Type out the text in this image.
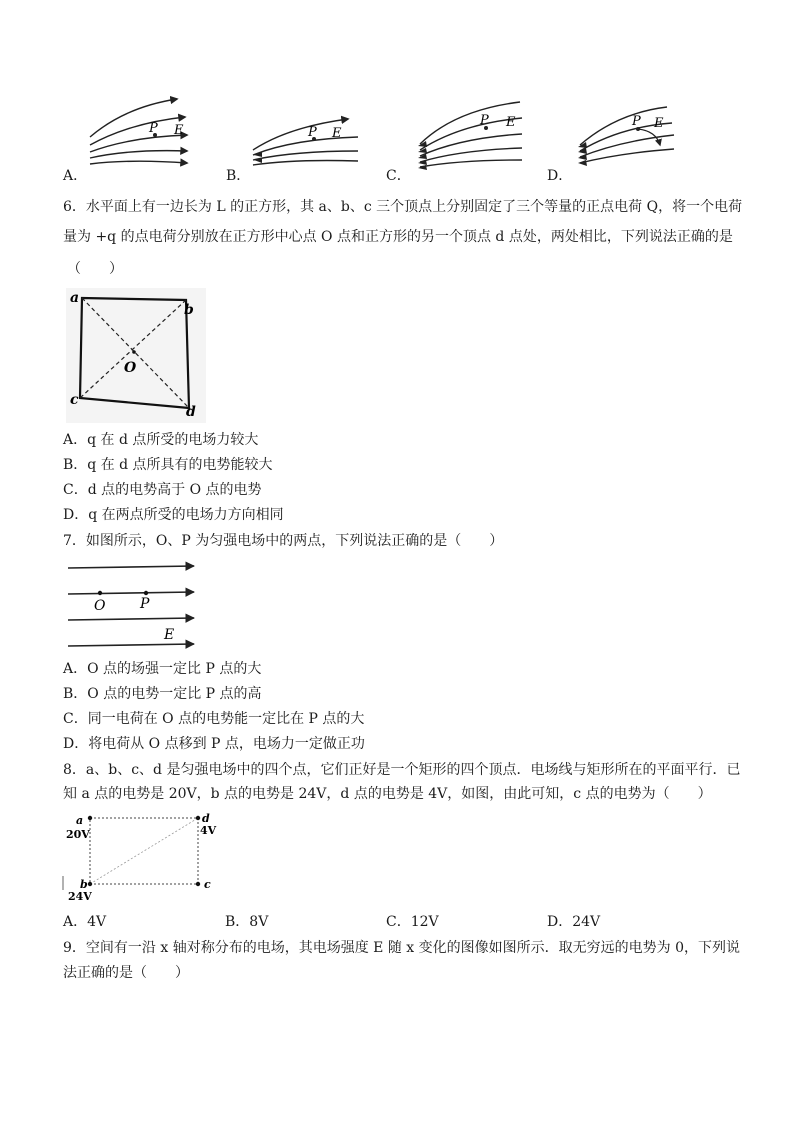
P E
A．
P E
B．
P E
C．
P E
D．
6．水平面上有一边长为 L 的正方形，其 a、b、c 三个顶点上分别固定了三个等量的正点电荷 Q，将一个电荷
量为 +q 的点电荷分别放在正方形中心点 O 点和正方形的另一个顶点 d 点处，两处相比，下列说法正确的是
（　　）
a
b
c
d
O
A．q 在 d 点所受的电场力较大
B．q 在 d 点所具有的电势能较大
C．d 点的电势高于 O 点的电势
D．q 在两点所受的电场力方向相同
7．如图所示，O、P 为匀强电场中的两点，下列说法正确的是（　　）
O P
E
A．O 点的场强一定比 P 点的大
B．O 点的电势一定比 P 点的高
C．同一电荷在 O 点的电势能一定比在 P 点的大
D．将电荷从 O 点移到 P 点，电场力一定做正功
8．a、b、c、d 是匀强电场中的四个点，它们正好是一个矩形的四个顶点．电场线与矩形所在的平面平行．已
知 a 点的电势是 20V，b 点的电势是 24V，d 点的电势是 4V，如图，由此可知，c 点的电势为（　　）
a
20V
d
4V
b
24V
c
A．4V	B．8V	C．12V	D．24V
9．空间有一沿 x 轴对称分布的电场，其电场强度 E 随 x 变化的图像如图所示．取无穷远的电势为 0，下列说
法正确的是（　　）
